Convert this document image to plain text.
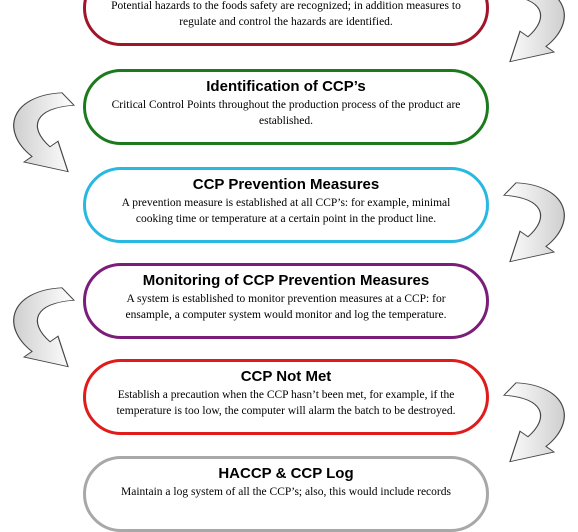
Potential hazards to the foods safety are recognized; in addition measures to regulate and control the hazards are identified.
Identification of CCP’s
Critical Control Points throughout the production process of the product are established.
CCP Prevention Measures
A prevention measure is established at all CCP’s: for example, minimal cooking time or temperature at a certain point in the product line.
Monitoring of CCP Prevention Measures
A system is established to monitor prevention measures at a CCP: for ensample, a computer system would monitor and log the temperature.
CCP Not Met
Establish a precaution when the CCP hasn’t been met, for example, if the temperature is too low, the computer will alarm the batch to be destroyed.
HACCP & CCP Log
Maintain a log system of all the CCP’s; also, this would include records
